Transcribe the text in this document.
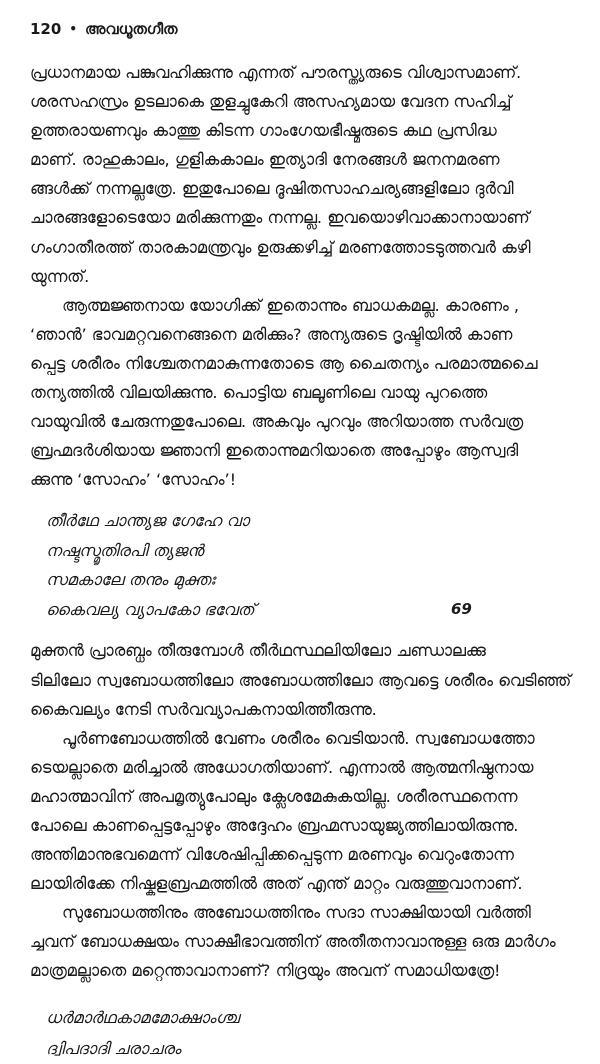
120 • അവധൂതഗീത
പ്രധാനമായ പങ്കുവഹിക്കുന്നു എന്നത് പൗരസ്ത്യരുടെ വിശ്വാസമാണ്.
ശരസഹസ്രം ഉടലാകെ തുളച്ചുകേറി അസഹ്യമായ വേദന സഹിച്ച്
ഉത്തരായണവും കാത്തു കിടന്ന ഗാംഗേയഭീഷ്മരുടെ കഥ പ്രസിദ്ധ
മാണ്. രാഹുകാലം, ഗുളികകാലം ഇത്യാദി നേരങ്ങൾ ജനനമരണ
ങ്ങൾക്ക് നന്നല്ലത്രേ. ഇതുപോലെ ദൂഷിതസാഹചര്യങ്ങളിലോ ദുർവി
ചാരങ്ങളോടെയോ മരിക്കുന്നതും നന്നല്ല. ഇവയൊഴിവാക്കാനായാണ്
ഗംഗാതീരത്ത് താരകാമന്ത്രവും ഉരുക്കഴിച്ച് മരണത്തോടടുത്തവർ കഴി
യുന്നത്.
ആത്മജ്ഞനായ യോഗിക്ക് ഇതൊന്നും ബാധകമല്ല. കാരണം ,
‘ഞാൻ’ ഭാവമറ്റവനെങ്ങനെ മരിക്കും? അന്യരുടെ ദൃഷ്ടിയിൽ കാണ
പ്പെട്ട ശരീരം നിശ്ചേതനമാകുന്നതോടെ ആ ചൈതന്യം പരമാത്മചൈ
തന്യത്തിൽ വിലയിക്കുന്നു. പൊട്ടിയ ബലൂണിലെ വായു പുറത്തെ
വായുവിൽ ചേരുന്നതുപോലെ. അകവും പുറവും അറിയാത്ത സർവത്ര
ബ്രഹ്മദർശിയായ ജ്ഞാനി ഇതൊന്നുമറിയാതെ അപ്പോഴും ആസ്വദി
ക്കുന്നു ‘സോഹം’ ‘സോഹം’!
തീർഥേ ചാന്ത്യജ ഗേഹേ വാ
നഷ്ടസ്മൃതിരപി ത്യജൻ
സമകാലേ തനും മുക്തഃ
കൈവല്യ വ്യാപകോ ഭവേത്	69
മുക്തൻ പ്രാരബ്ധം തീരുമ്പോൾ തീർഥസ്ഥലിയിലോ ചണ്ഡാലക്കു
ടിലിലോ സ്വബോധത്തിലോ അബോധത്തിലോ ആവട്ടെ ശരീരം വെടിഞ്ഞ്
കൈവല്യം നേടി സർവവ്യാപകനായിത്തീരുന്നു.
പൂർണബോധത്തിൽ വേണം ശരീരം വെടിയാൻ. സ്വബോധത്തോ
ടെയല്ലാതെ മരിച്ചാൽ അധോഗതിയാണ്. എന്നാൽ ആത്മനിഷ്ഠനായ
മഹാത്മാവിന് അപമൃത്യുപോലും ക്ലേശമേകുകയില്ല. ശരീരസ്ഥനെന്ന
പോലെ കാണപ്പെട്ടപ്പോഴും അദ്ദേഹം ബ്രഹ്മസായുജ്യത്തിലായിരുന്നു.
അന്തിമാനുഭവമെന്ന് വിശേഷിപ്പിക്കപ്പെടുന്ന മരണവും വെറുംതോന്ന
ലായിരിക്കേ നിഷ്കളബ്രഹ്മത്തിൽ അത് എന്ത് മാറ്റം വരുത്തുവാനാണ്.
സുബോധത്തിനും അബോധത്തിനും സദാ സാക്ഷിയായി വർത്തി
ച്ചവന് ബോധക്ഷയം സാക്ഷീഭാവത്തിന് അതീതനാവാനുള്ള ഒരു മാർഗം
മാത്രമല്ലാതെ മറ്റെന്താവാനാണ്? നിദ്രയും അവന് സമാധിയത്രേ!
ധർമാർഥകാമമോക്ഷാംശ്ച
ദ്വിപദാദി ചരാചരം
